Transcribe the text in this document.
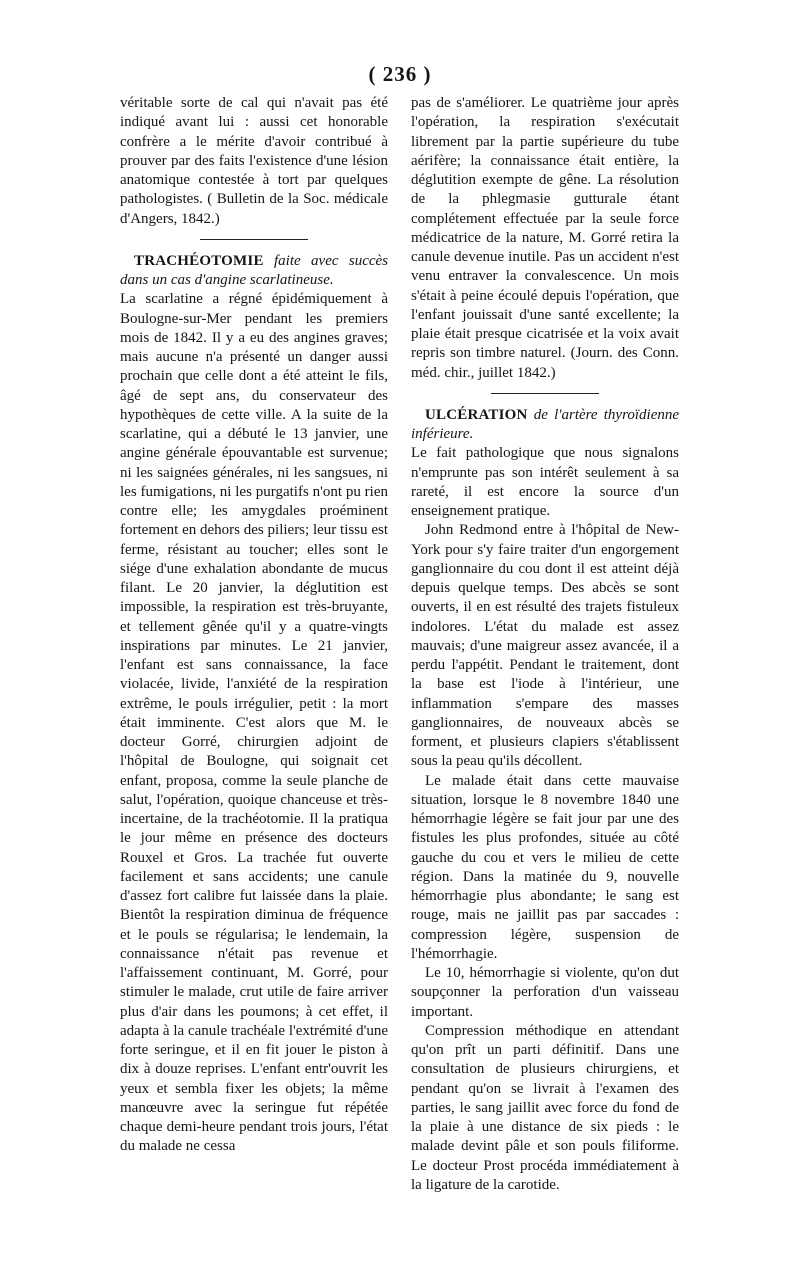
( 236 )

véritable sorte de cal qui n'avait pas été indiqué avant lui : aussi cet honorable confrère a le mérite d'avoir contribué à prouver par des faits l'existence d'une lésion anatomique contestée à tort par quelques pathologistes. ( Bulletin de la Soc. médicale d'Angers, 1842.)

TRACHÉOTOMIE faite avec succès dans un cas d'angine scarlatineuse.

La scarlatine a régné épidémiquement à Boulogne-sur-Mer pendant les premiers mois de 1842. Il y a eu des angines graves; mais aucune n'a présenté un danger aussi prochain que celle dont a été atteint le fils, âgé de sept ans, du conservateur des hypothèques de cette ville. A la suite de la scarlatine, qui a débuté le 13 janvier, une angine générale épouvantable est survenue; ni les saignées générales, ni les sangsues, ni les fumigations, ni les purgatifs n'ont pu rien contre elle; les amygdales proéminent fortement en dehors des piliers; leur tissu est ferme, résistant au toucher; elles sont le siége d'une exhalation abondante de mucus filant. Le 20 janvier, la déglutition est impossible, la respiration est très-bruyante, et tellement gênée qu'il y a quatre-vingts inspirations par minutes. Le 21 janvier, l'enfant est sans connaissance, la face violacée, livide, l'anxiété de la respiration extrême, le pouls irrégulier, petit : la mort était imminente. C'est alors que M. le docteur Gorré, chirurgien adjoint de l'hôpital de Boulogne, qui soignait cet enfant, proposa, comme la seule planche de salut, l'opération, quoique chanceuse et très-incertaine, de la trachéotomie. Il la pratiqua le jour même en présence des docteurs Rouxel et Gros. La trachée fut ouverte facilement et sans accidents; une canule d'assez fort calibre fut laissée dans la plaie. Bientôt la respiration diminua de fréquence et le pouls se régularisa; le lendemain, la connaissance n'était pas revenue et l'affaissement continuant, M. Gorré, pour stimuler le malade, crut utile de faire arriver plus d'air dans les poumons; à cet effet, il adapta à la canule trachéale l'extrémité d'une forte seringue, et il en fit jouer le piston à dix à douze reprises. L'enfant entr'ouvrit les yeux et sembla fixer les objets; la même manœuvre avec la seringue fut répétée chaque demi-heure pendant trois jours, l'état du malade ne cessa

pas de s'améliorer. Le quatrième jour après l'opération, la respiration s'exécutait librement par la partie supérieure du tube aérifère; la connaissance était entière, la déglutition exempte de gêne. La résolution de la phlegmasie gutturale étant complétement effectuée par la seule force médicatrice de la nature, M. Gorré retira la canule devenue inutile. Pas un accident n'est venu entraver la convalescence. Un mois s'était à peine écoulé depuis l'opération, que l'enfant jouissait d'une santé excellente; la plaie était presque cicatrisée et la voix avait repris son timbre naturel. (Journ. des Conn. méd. chir., juillet 1842.)

ULCÉRATION de l'artère thyroïdienne inférieure.

Le fait pathologique que nous signalons n'emprunte pas son intérêt seulement à sa rareté, il est encore la source d'un enseignement pratique.

John Redmond entre à l'hôpital de New-York pour s'y faire traiter d'un engorgement ganglionnaire du cou dont il est atteint déjà depuis quelque temps. Des abcès se sont ouverts, il en est résulté des trajets fistuleux indolores. L'état du malade est assez mauvais; d'une maigreur assez avancée, il a perdu l'appétit. Pendant le traitement, dont la base est l'iode à l'intérieur, une inflammation s'empare des masses ganglionnaires, de nouveaux abcès se forment, et plusieurs clapiers s'établissent sous la peau qu'ils décollent.

Le malade était dans cette mauvaise situation, lorsque le 8 novembre 1840 une hémorrhagie légère se fait jour par une des fistules les plus profondes, située au côté gauche du cou et vers le milieu de cette région. Dans la matinée du 9, nouvelle hémorrhagie plus abondante; le sang est rouge, mais ne jaillit pas par saccades : compression légère, suspension de l'hémorrhagie.

Le 10, hémorrhagie si violente, qu'on dut soupçonner la perforation d'un vaisseau important.

Compression méthodique en attendant qu'on prît un parti définitif. Dans une consultation de plusieurs chirurgiens, et pendant qu'on se livrait à l'examen des parties, le sang jaillit avec force du fond de la plaie à une distance de six pieds : le malade devint pâle et son pouls filiforme. Le docteur Prost procéda immédiatement à la ligature de la carotide.
